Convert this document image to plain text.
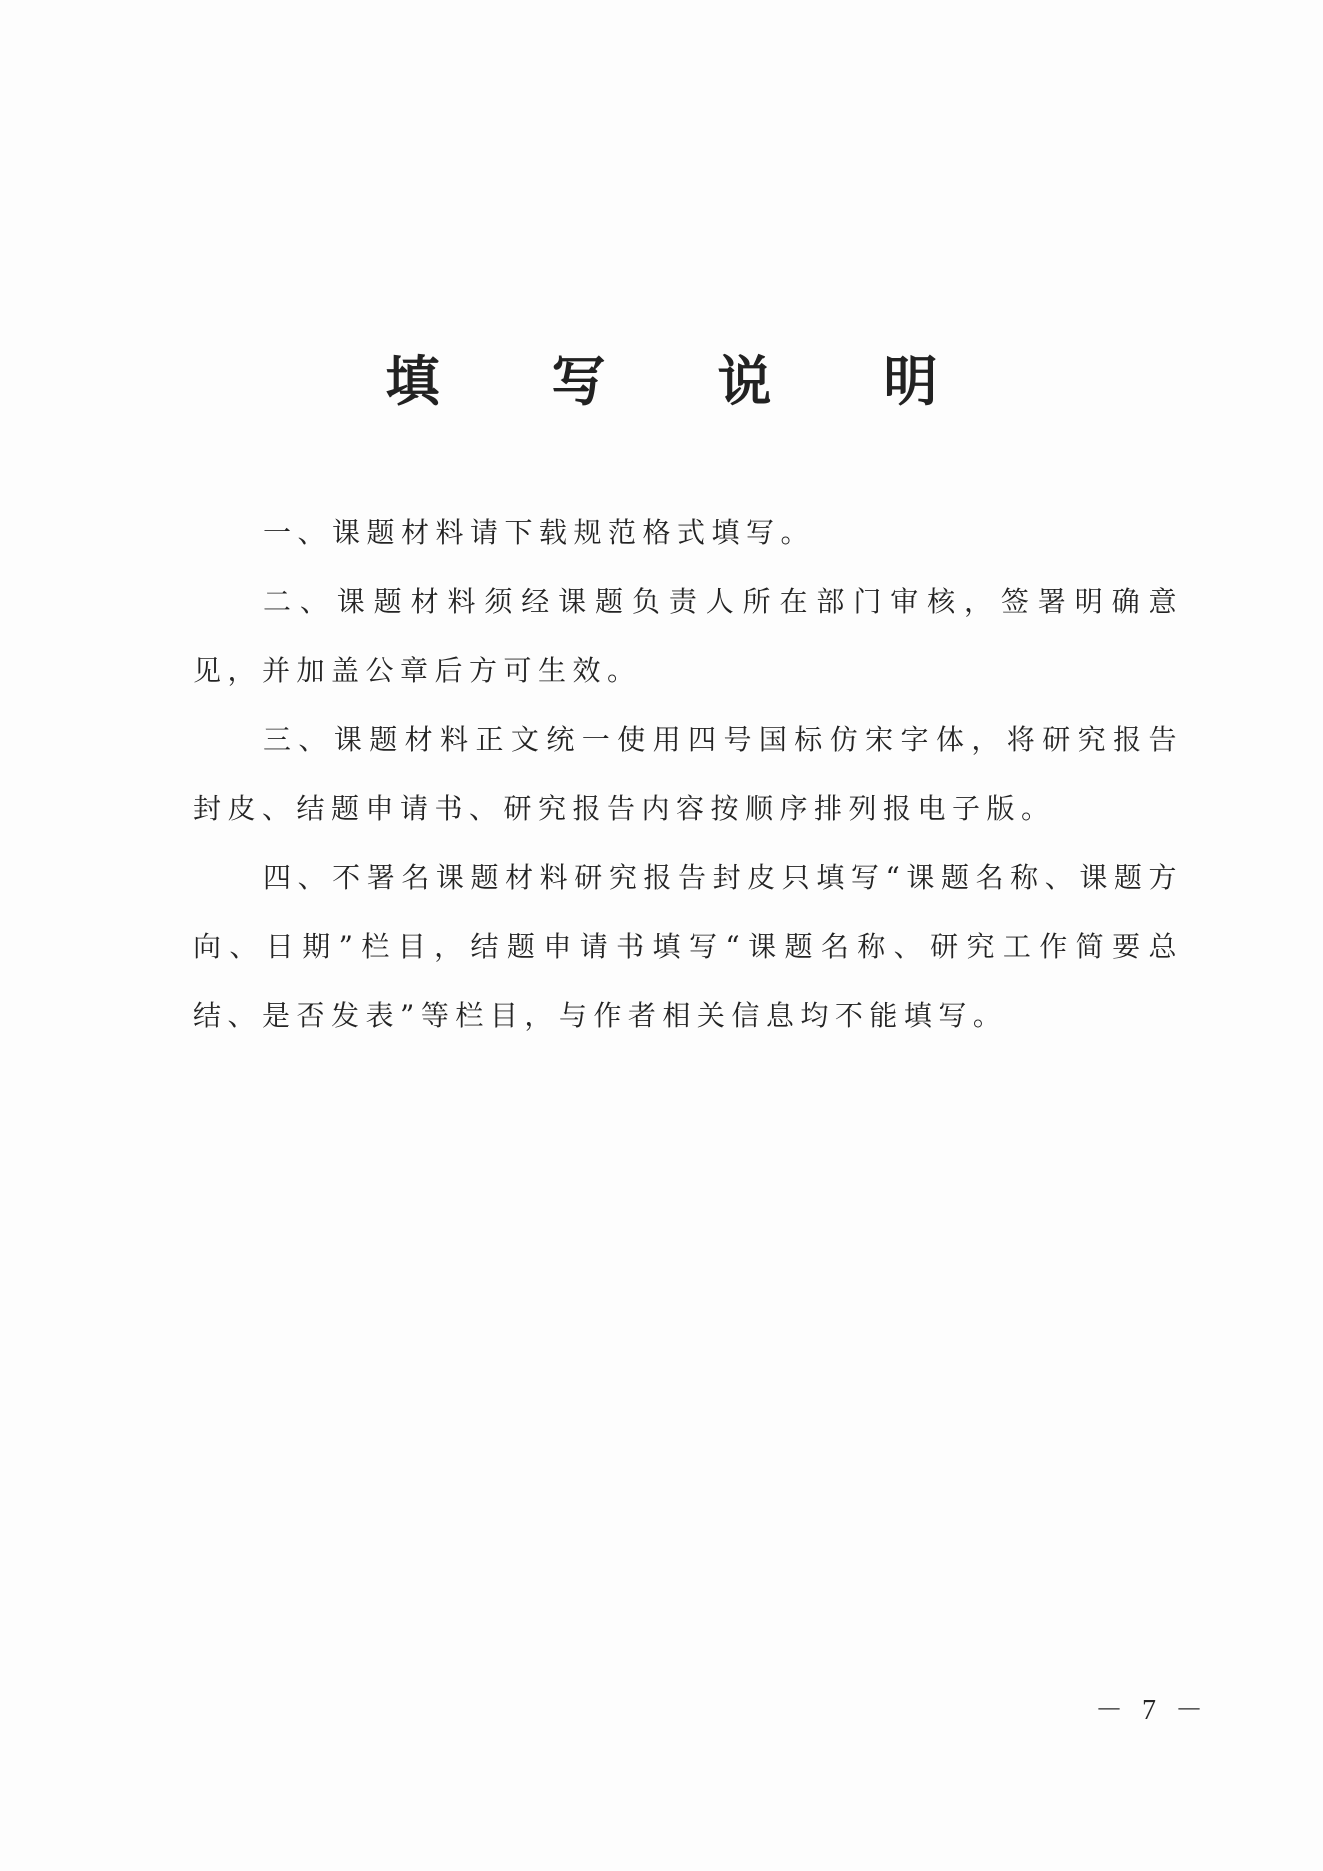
填写说明

一、课题材料请下载规范格式填写。

二、课题材料须经课题负责人所在部门审核，签署明确意见，并加盖公章后方可生效。

三、课题材料正文统一使用四号国标仿宋字体，将研究报告封皮、结题申请书、研究报告内容按顺序排列报电子版。

四、不署名课题材料研究报告封皮只填写“课题名称、课题方向、日期”栏目，结题申请书填写“课题名称、研究工作简要总结、是否发表”等栏目，与作者相关信息均不能填写。

－ 7 －
